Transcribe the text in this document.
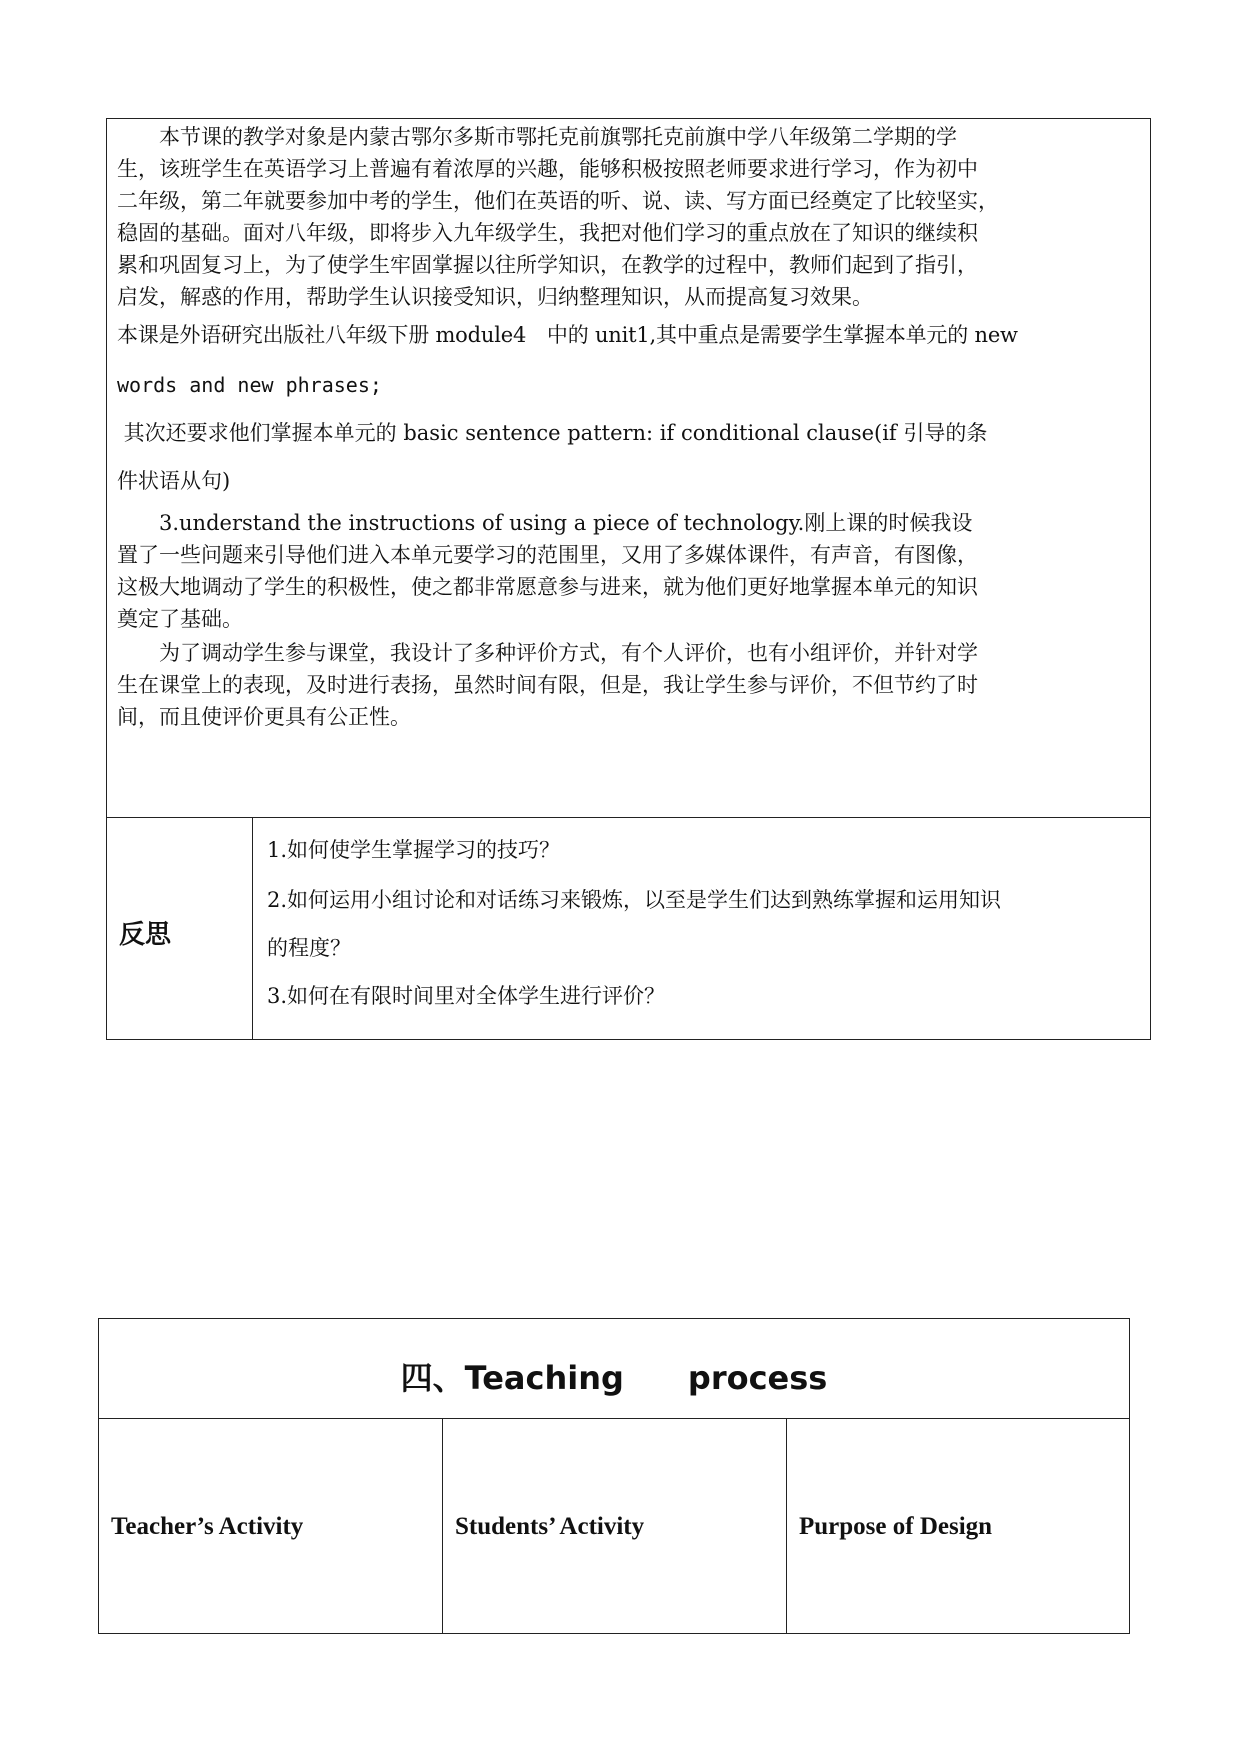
　　本节课的教学对象是内蒙古鄂尔多斯市鄂托克前旗鄂托克前旗中学八年级第二学期的学

生，该班学生在英语学习上普遍有着浓厚的兴趣，能够积极按照老师要求进行学习，作为初中

二年级，第二年就要参加中考的学生，他们在英语的听、说、读、写方面已经奠定了比较坚实，

稳固的基础。面对八年级，即将步入九年级学生，我把对他们学习的重点放在了知识的继续积

累和巩固复习上，为了使学生牢固掌握以往所学知识，在教学的过程中，教师们起到了指引，

启发，解惑的作用，帮助学生认识接受知识，归纳整理知识，从而提高复习效果。

本课是外语研究出版社八年级下册 module4　中的 unit1,其中重点是需要学生掌握本单元的 new

words and new phrases;

其次还要求他们掌握本单元的 basic sentence pattern: if conditional clause(if 引导的条

件状语从句)

　　3.understand the instructions of using a piece of technology.刚上课的时候我设

置了一些问题来引导他们进入本单元要学习的范围里，又用了多媒体课件，有声音，有图像，

这极大地调动了学生的积极性，使之都非常愿意参与进来，就为他们更好地掌握本单元的知识

奠定了基础。

　　为了调动学生参与课堂，我设计了多种评价方式，有个人评价，也有小组评价，并针对学

生在课堂上的表现，及时进行表扬，虽然时间有限，但是，我让学生参与评价，不但节约了时

间，而且使评价更具有公正性。

反思
1.如何使学生掌握学习的技巧？
2.如何运用小组讨论和对话练习来锻炼，以至是学生们达到熟练掌握和运用知识
的程度？
3.如何在有限时间里对全体学生进行评价？
四、Teaching　　process
Teacher’s Activity	Students’ Activity	Purpose of Design
